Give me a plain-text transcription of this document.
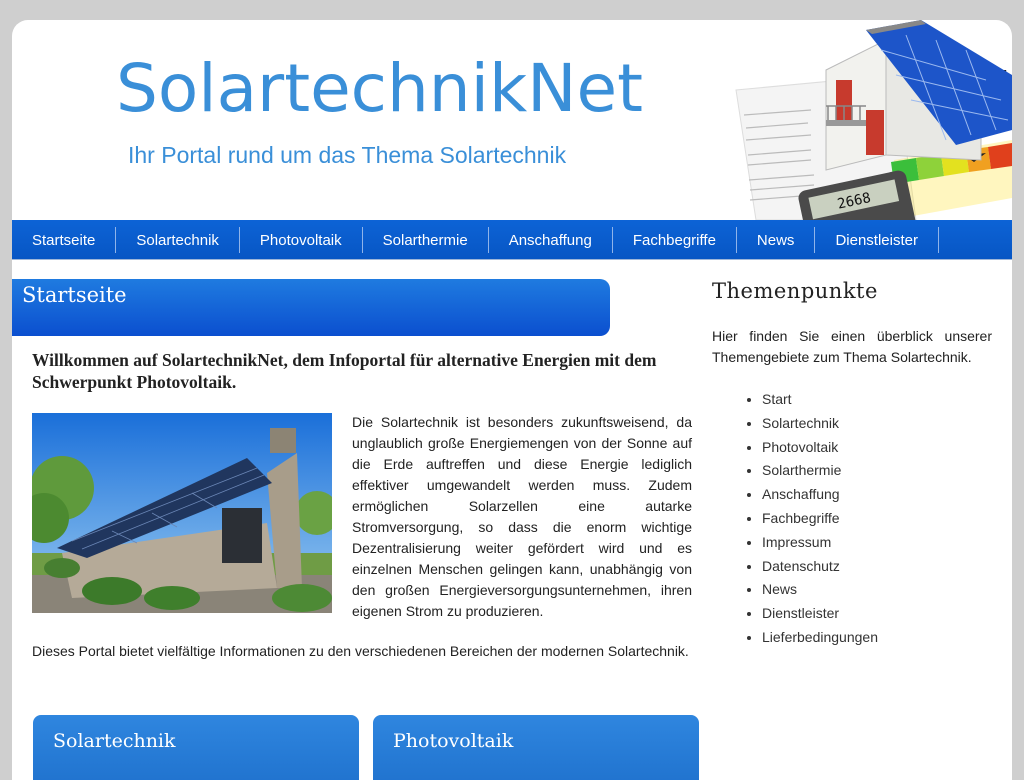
SolartechnikNet
Ihr Portal rund um das Thema Solartechnik
2668
Startseite	Solartechnik	Photovoltaik	Solarthermie	Anschaffung	Fachbegriffe	News	Dienstleister
Startseite
Willkommen auf SolartechnikNet, dem Infoportal für alternative Energien mit dem Schwerpunkt Photovoltaik.

Die Solartechnik ist besonders zukunftsweisend, da unglaublich große Energiemengen von der Sonne auf die Erde auftreffen und diese Energie lediglich effektiver umgewandelt werden muss. Zudem ermöglichen Solarzellen eine autarke Stromversorgung, so dass die enorm wichtige Dezentralisierung weiter gefördert wird und es einzelnen Menschen gelingen kann, unabhängig von den großen Energieversorgungsunternehmen, ihren eigenen Strom zu produzieren.

Dieses Portal bietet vielfältige Informationen zu den verschiedenen Bereichen der modernen Solartechnik.

Solartechnik	Photovoltaik
Themenpunkte

Hier finden Sie einen überblick unserer Themengebiete zum Thema Solartechnik.

• Start
• Solartechnik
• Photovoltaik
• Solarthermie
• Anschaffung
• Fachbegriffe
• Impressum
• Datenschutz
• News
• Dienstleister
• Lieferbedingungen
